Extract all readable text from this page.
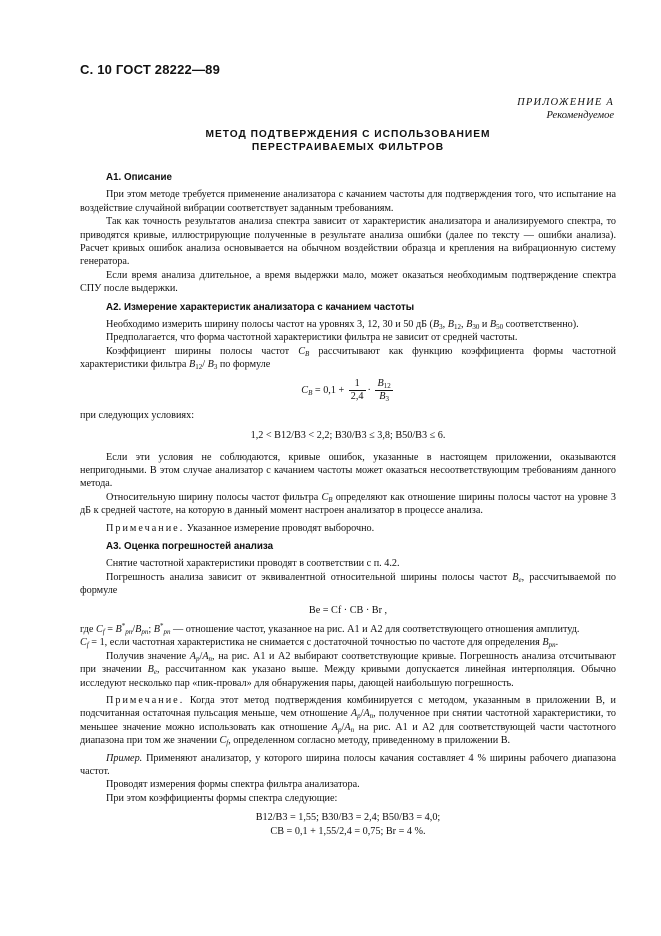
С. 10 ГОСТ 28222—89
ПРИЛОЖЕНИЕ А
Рекомендуемое
МЕТОД ПОДТВЕРЖДЕНИЯ С ИСПОЛЬЗОВАНИЕМ
ПЕРЕСТРАИВАЕМЫХ ФИЛЬТРОВ
А1. Описание

При этом методе требуется применение анализатора с качанием частоты для подтверждения того, что испытание на воздействие случайной вибрации соответствует заданным требованиям.

Так как точность результатов анализа спектра зависит от характеристик анализатора и анализируемого спектра, то приводятся кривые, иллюстрирующие полученные в результате анализа ошибки (далее по тексту — ошибки анализа). Расчет кривых ошибок анализа основывается на обычном воздействии образца и крепления на вибрационную систему генератора.

Если время анализа длительное, а время выдержки мало, может оказаться необходимым подтверждение спектра СПУ после выдержки.

А2. Измерение характеристик анализатора с качанием частоты

Необходимо измерить ширину полосы частот на уровнях 3, 12, 30 и 50 дБ ($B_3$, $B_{12}$, $B_{30}$ и $B_{50}$ соответственно).

Предполагается, что форма частотной характеристики фильтра не зависит от средней частоты.

Коэффициент ширины полосы частот $C_B$ рассчитывают как функцию коэффициента формы частотной характеристики фильтра $B_{12}/$ $B_3$ по формуле

$C_B = 0,1 + \frac{1}{2,4} \cdot \frac{B_{12}}{B_3}$

при следующих условиях:

1,2 < B12/B3 < 2,2; B30/B3 ≤ 3,8; B50/B3 ≤ 6.

Если эти условия не соблюдаются, кривые ошибок, указанные в настоящем приложении, оказываются непригодными. В этом случае анализатор с качанием частоты может оказаться несоответствующим требованиям данного метода.

Относительную ширину полосы частот фильтра $C_B$ определяют как отношение ширины полосы частот на уровне 3 дБ к средней частоте, на которую в данный момент настроен анализатор в процессе анализа.

Примечание. Указанное измерение проводят выборочно.

А3. Оценка погрешностей анализа

Снятие частотной характеристики проводят в соответствии с п. 4.2.

Погрешность анализа зависит от эквивалентной относительной ширины полосы частот $B_e$, рассчитываемой по формуле

Be = Cf · CB · Br ,

где $C_f = B^*_{pn}/B_{pn}$; $B^*_{pn}$ — отношение частот, указанное на рис. А1 и А2 для соответствующего отношения амплитуд.

$C_f = 1$, если частотная характеристика не снимается с достаточной точностью по частоте для определения $B_{pn}$.

Получив значение $A_p/A_n$, на рис. А1 и А2 выбирают соответствующие кривые. Погрешность анализа отсчитывают при значении $B_e$, рассчитанном как указано выше. Между кривыми допускается линейная интерполяция. Обычно исследуют несколько пар «пик-провал» для обнаружения пары, дающей наибольшую погрешность.

Примечание. Когда этот метод подтверждения комбинируется с методом, указанным в приложении В, и подсчитанная остаточная пульсация меньше, чем отношение $A_p/A_n$, полученное при снятии частотной характеристики, то меньшее значение можно использовать как отношение $A_p/A_n$ на рис. А1 и А2 для соответствующей части частотного диапазона при том же значении $C_f$, определенном согласно методу, приведенному в приложении В.

Пример. Применяют анализатор, у которого ширина полосы качания составляет 4 % ширины рабочего диапазона частот.

Проводят измерения формы спектра фильтра анализатора.

При этом коэффициенты формы спектра следующие:

B12/B3 = 1,55; B30/B3 = 2,4; B50/B3 = 4,0;
CB = 0,1 + 1,55/2,4 = 0,75; Br = 4 %.
